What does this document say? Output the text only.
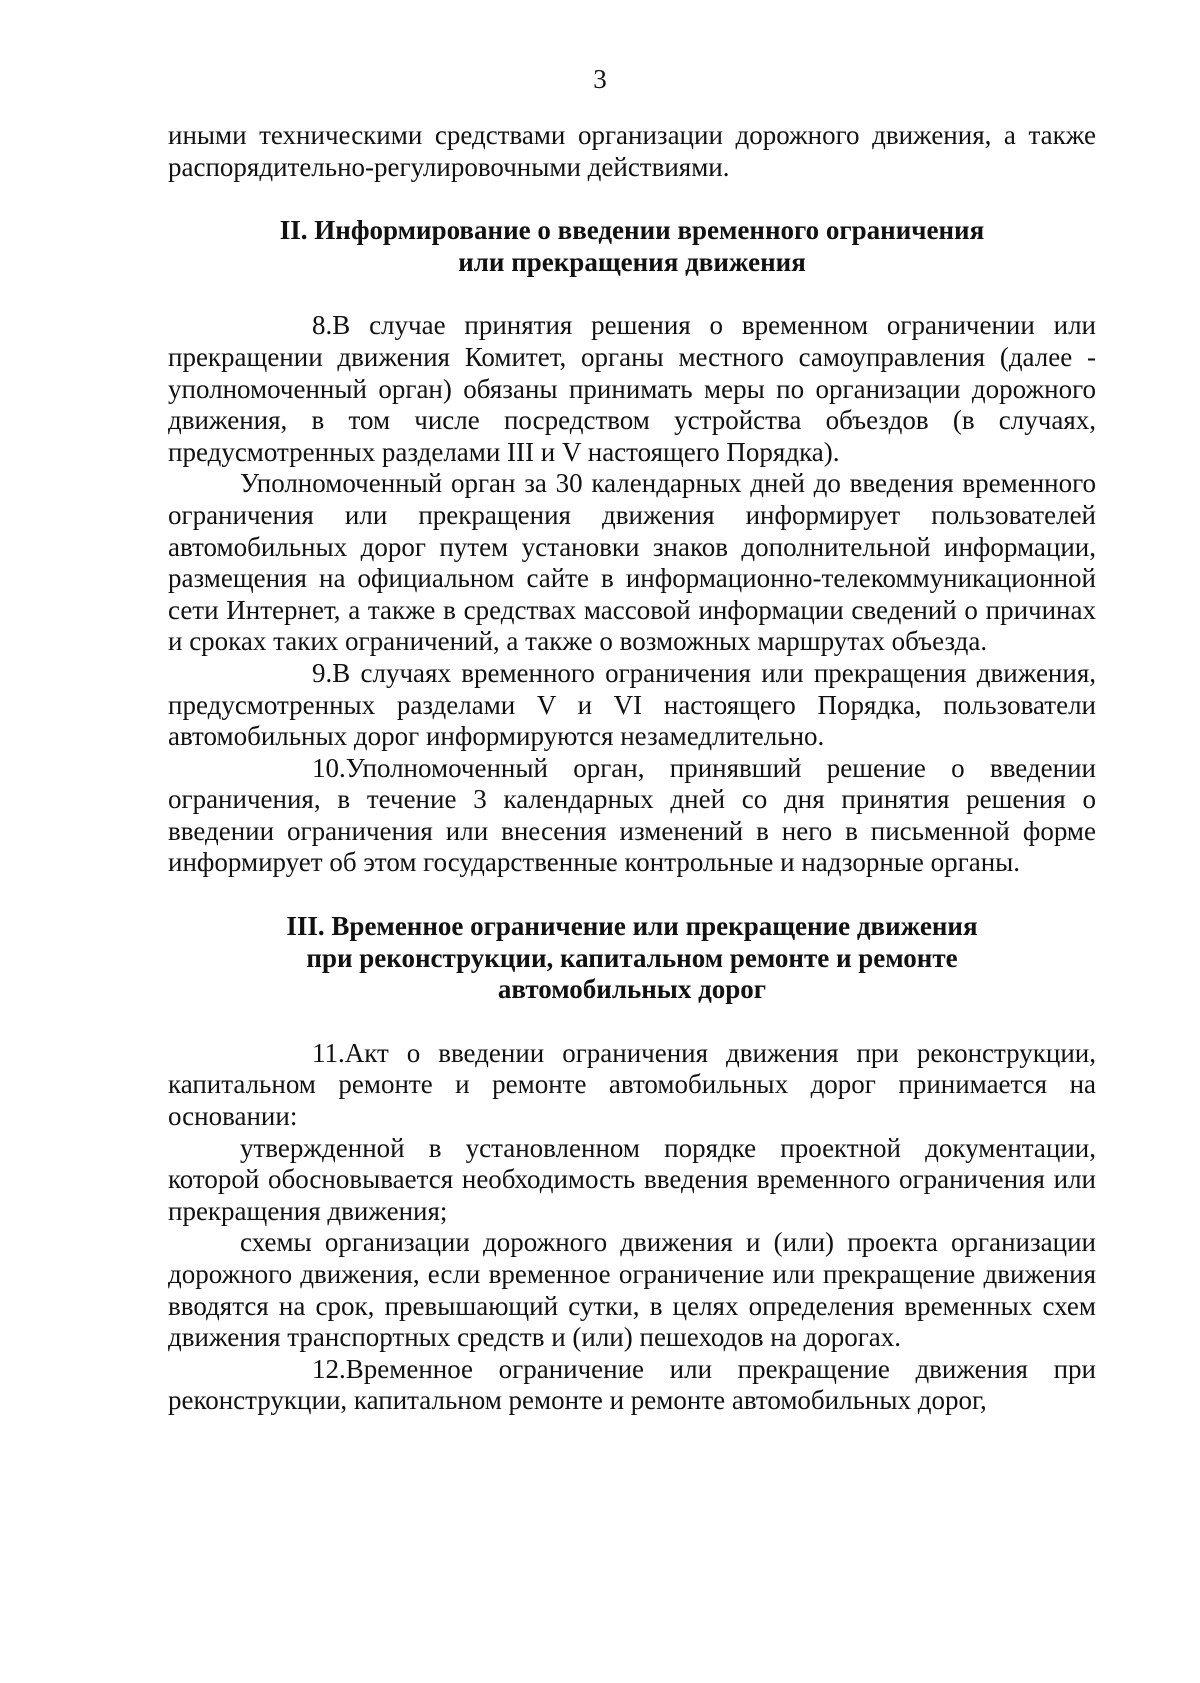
3

иными техническими средствами организации дорожного движения, а также распорядительно-регулировочными действиями.

II. Информирование о введении временного ограничения

или прекращения движения

8.В случае принятия решения о временном ограничении или прекращении движения Комитет, органы местного самоуправления (далее - уполномоченный орган) обязаны принимать меры по организации дорожного движения, в том числе посредством устройства объездов (в случаях, предусмотренных разделами III и V настоящего Порядка).

Уполномоченный орган за 30 календарных дней до введения временного ограничения или прекращения движения информирует пользователей автомобильных дорог путем установки знаков дополнительной информации, размещения на официальном сайте в информационно-телекоммуникационной сети Интернет, а также в средствах массовой информации сведений о причинах и сроках таких ограничений, а также о возможных маршрутах объезда.

9.В случаях временного ограничения или прекращения движения, предусмотренных разделами V и VI настоящего Порядка, пользователи автомобильных дорог информируются незамедлительно.

10.Уполномоченный орган, принявший решение о введении ограничения, в течение 3 календарных дней со дня принятия решения о введении ограничения или внесения изменений в него в письменной форме информирует об этом государственные контрольные и надзорные органы.

III. Временное ограничение или прекращение движения

при реконструкции, капитальном ремонте и ремонте

автомобильных дорог

11.Акт о введении ограничения движения при реконструкции, капитальном ремонте и ремонте автомобильных дорог принимается на основании:

утвержденной в установленном порядке проектной документации, которой обосновывается необходимость введения временного ограничения или прекращения движения;

схемы организации дорожного движения и (или) проекта организации дорожного движения, если временное ограничение или прекращение движения вводятся на срок, превышающий сутки, в целях определения временных схем движения транспортных средств и (или) пешеходов на дорогах.

12.Временное ограничение или прекращение движения при реконструкции, капитальном ремонте и ремонте автомобильных дорог,
